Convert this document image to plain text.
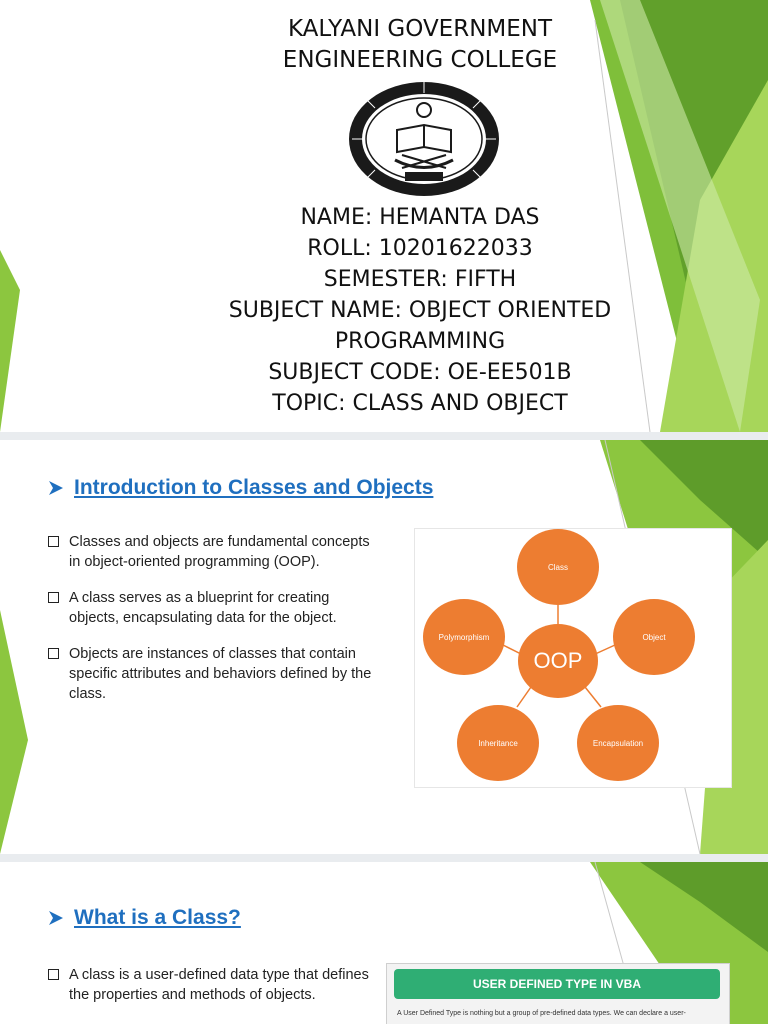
KALYANI GOVERNMENT
ENGINEERING COLLEGE
NAME: HEMANTA DAS
ROLL: 10201622033
SEMESTER: FIFTH
SUBJECT NAME: OBJECT ORIENTED
PROGRAMMING
SUBJECT CODE: OE-EE501B
TOPIC: CLASS AND OBJECT
Introduction to Classes and Objects
Classes and objects are fundamental concepts in object-oriented programming (OOP).
A class serves as a blueprint for creating objects, encapsulating data for the object.
Objects are instances of classes that contain specific attributes and behaviors defined by the class.
Class
Object
Encapsulation
Inheritance
Polymorphism
OOP
What is a Class?
A class is a user-defined data type that defines the properties and methods of objects.
USER DEFINED TYPE IN VBA
A User Defined Type is nothing but a group of pre-defined data types. We can declare a user-
